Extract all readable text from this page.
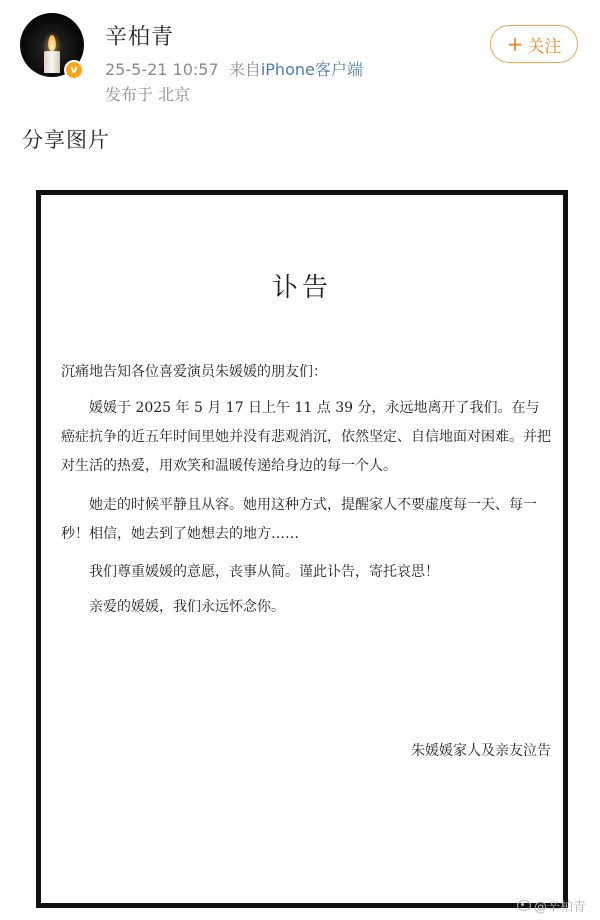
v
辛柏青
25-5-21 10:57 来自iPhone客户端
发布于 北京
+ 关注
分享图片
讣告
沉痛地告知各位喜爱演员朱媛媛的朋友们：
媛媛于 2025 年 5 月 17 日上午 11 点 39 分，永远地离开了我们。在与癌症抗争的近五年时间里她并没有悲观消沉，依然坚定、自信地面对困难。并把对生活的热爱，用欢笑和温暖传递给身边的每一个人。
她走的时候平静且从容。她用这种方式，提醒家人不要虚度每一天、每一秒！相信，她去到了她想去的地方……
我们尊重媛媛的意愿，丧事从简。谨此讣告，寄托哀思！
亲爱的媛媛，我们永远怀念你。
朱媛媛家人及亲友泣告
@辛柏青
